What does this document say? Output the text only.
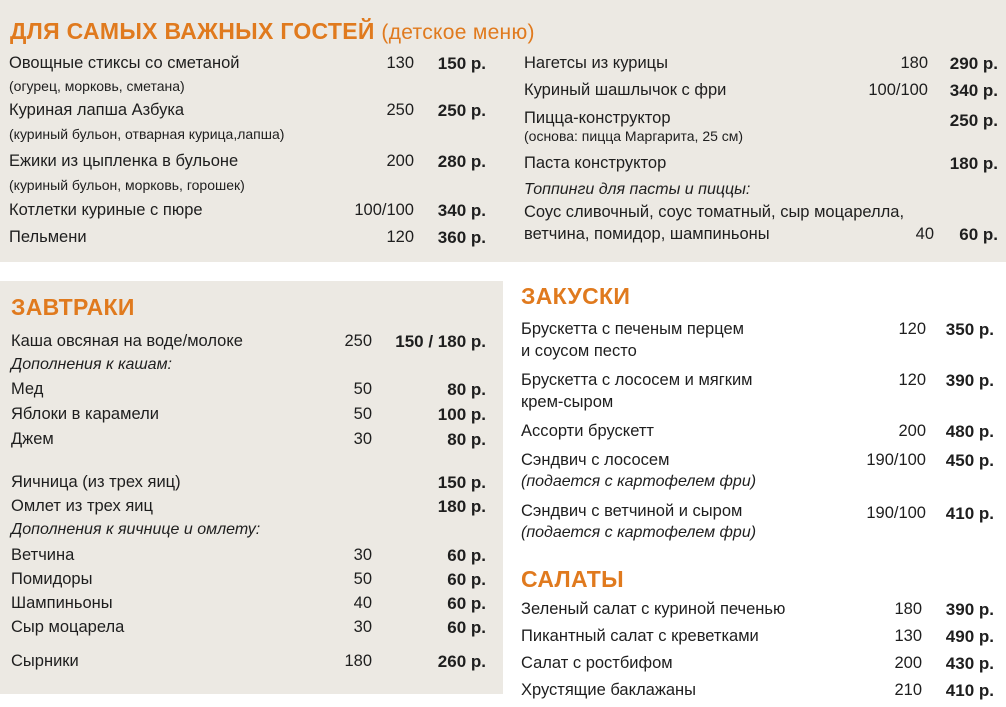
ДЛЯ САМЫХ ВАЖНЫХ ГОСТЕЙ (детское меню)
Овощные стиксы со сметаной
(огурец, морковь, сметана)
130 150 р.
Куриная лапша Азбука
(куриный бульон, отварная курица,лапша)
250 250 р.
Ежики из цыпленка в бульоне
(куриный бульон, морковь, горошек)
200 280 р.
Котлетки куриные с пюре	100/100 340 р.
Пельмени	120 360 р.
Нагетсы из курицы	180 290 р.
Куриный шашлычок с фри	100/100 340 р.
Пицца-конструктор
(основа: пицца Маргарита, 25 см)
250 р.
Паста конструктор	180 р.
Топпинги для пасты и пиццы:
Соус сливочный, соус томатный, сыр моцарелла,
ветчина, помидор, шампиньоны	40 60 р.
ЗАВТРАКИ
Каша овсяная на воде/молоке	250 150 / 180 р.
Дополнения к кашам:
Мед	50	80 р.
Яблоки в карамели	50	100 р.
Джем	30	80 р.
Яичница (из трех яиц)	150 р.
Омлет из трех яиц	180 р.
Дополнения к яичнице и омлету:
Ветчина	30	60 р.
Помидоры	50	60 р.
Шампиньоны	40	60 р.
Сыр моцарела	30	60 р.
Сырники	180	260 р.
ЗАКУСКИ
Брускетта с печеным перцем
и соусом песто
120 350 р.
Брускетта с лососем и мягким
крем-сыром
120 390 р.
Ассорти брускетт	200 480 р.
Сэндвич с лососем
(подается с картофелем фри)
190/100 450 р.
Сэндвич с ветчиной и сыром
(подается с картофелем фри)
190/100 410 р.
САЛАТЫ
Зеленый салат с куриной печенью	180 390 р.
Пикантный салат с креветками	130 490 р.
Салат с ростбифом	200 430 р.
Хрустящие баклажаны	210 410 р.
